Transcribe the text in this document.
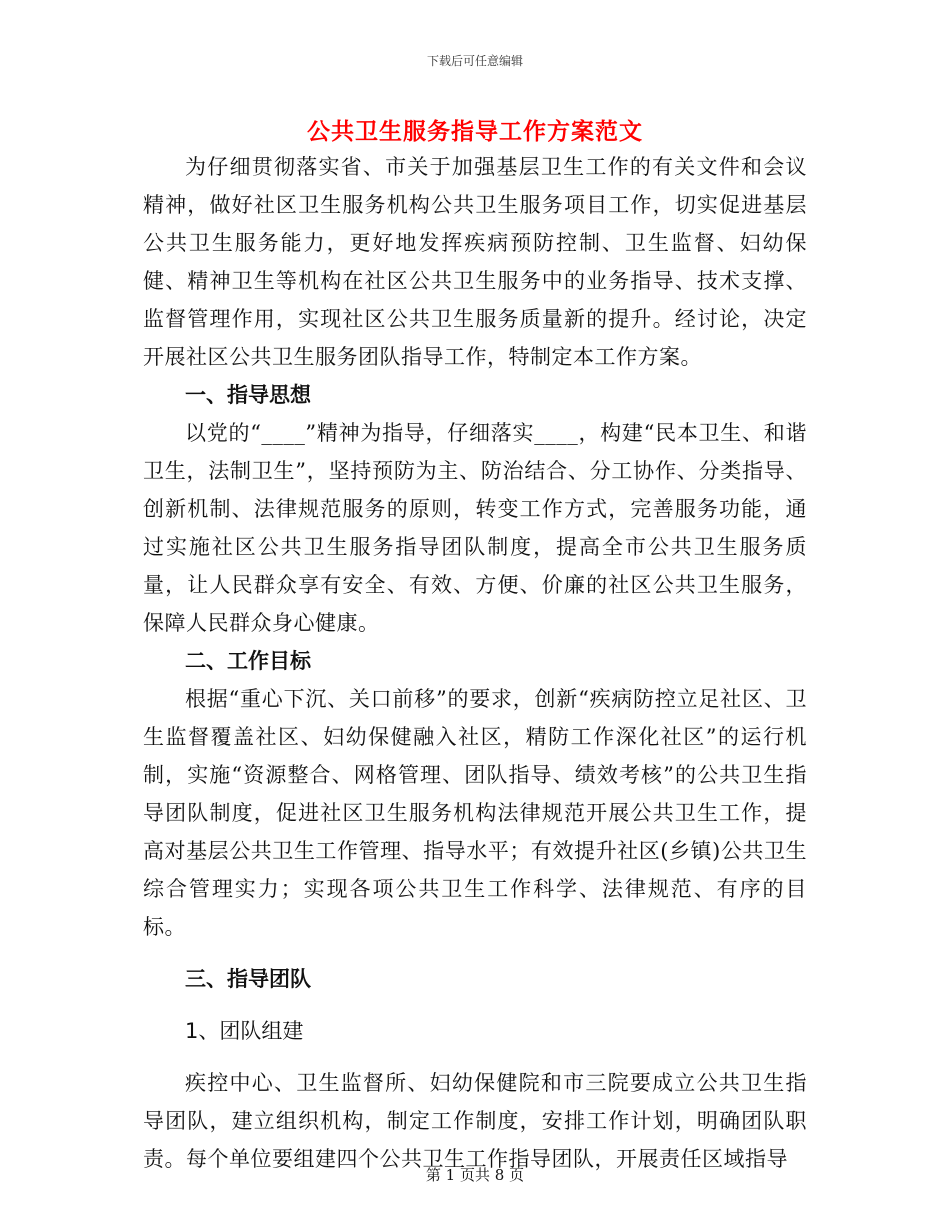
下载后可任意编辑
公共卫生服务指导工作方案范文

为仔细贯彻落实省、市关于加强基层卫生工作的有关文件和会议精神，做好社区卫生服务机构公共卫生服务项目工作，切实促进基层公共卫生服务能力，更好地发挥疾病预防控制、卫生监督、妇幼保健、精神卫生等机构在社区公共卫生服务中的业务指导、技术支撑、监督管理作用，实现社区公共卫生服务质量新的提升。经讨论，决定开展社区公共卫生服务团队指导工作，特制定本工作方案。

一、指导思想

以党的“____”精神为指导，仔细落实____，构建“民本卫生、和谐卫生，法制卫生”，坚持预防为主、防治结合、分工协作、分类指导、创新机制、法律规范服务的原则，转变工作方式，完善服务功能，通过实施社区公共卫生服务指导团队制度，提高全市公共卫生服务质量，让人民群众享有安全、有效、方便、价廉的社区公共卫生服务，保障人民群众身心健康。

二、工作目标

根据“重心下沉、关口前移”的要求，创新“疾病防控立足社区、卫生监督覆盖社区、妇幼保健融入社区，精防工作深化社区”的运行机制，实施“资源整合、网格管理、团队指导、绩效考核”的公共卫生指导团队制度，促进社区卫生服务机构法律规范开展公共卫生工作，提高对基层公共卫生工作管理、指导水平；有效提升社区(乡镇)公共卫生综合管理实力；实现各项公共卫生工作科学、法律规范、有序的目标。

三、指导团队

1、团队组建

疾控中心、卫生监督所、妇幼保健院和市三院要成立公共卫生指导团队，建立组织机构，制定工作制度，安排工作计划，明确团队职责。每个单位要组建四个公共卫生工作指导团队，开展责任区域指导

第 1 页共 8 页
